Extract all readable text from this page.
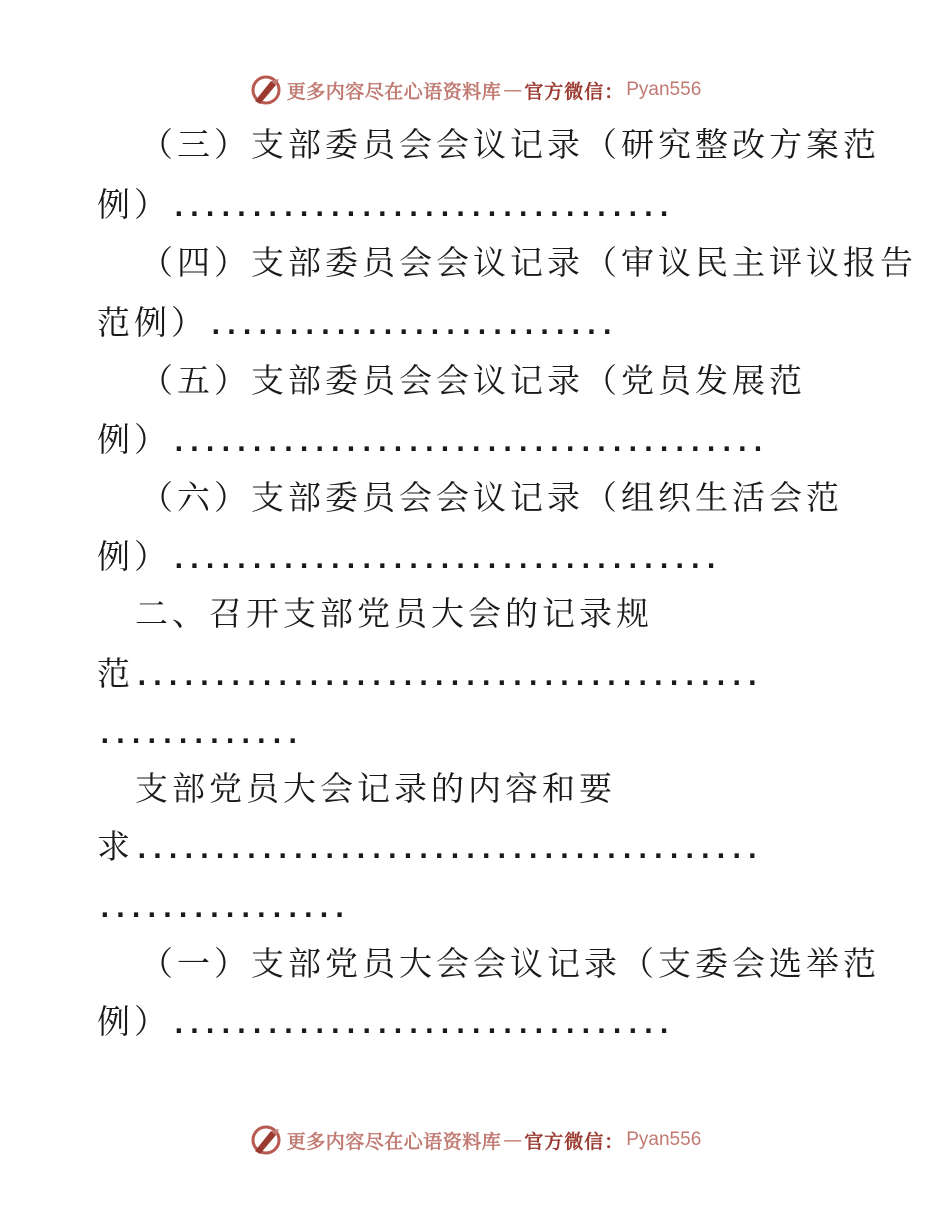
更多内容尽在心语资料库 — 官方微信： Pyan556
（三）支部委员会会议记录（研究整改方案范
例）................................
（四）支部委员会会议记录（审议民主评议报告
范例）..........................
（五）支部委员会会议记录（党员发展范
例）......................................
（六）支部委员会会议记录（组织生活会范
例）...................................
二、召开支部党员大会的记录规
范........................................
.............
支部党员大会记录的内容和要
求........................................
................
（一）支部党员大会会议记录（支委会选举范
例）................................
更多内容尽在心语资料库 — 官方微信： Pyan556
